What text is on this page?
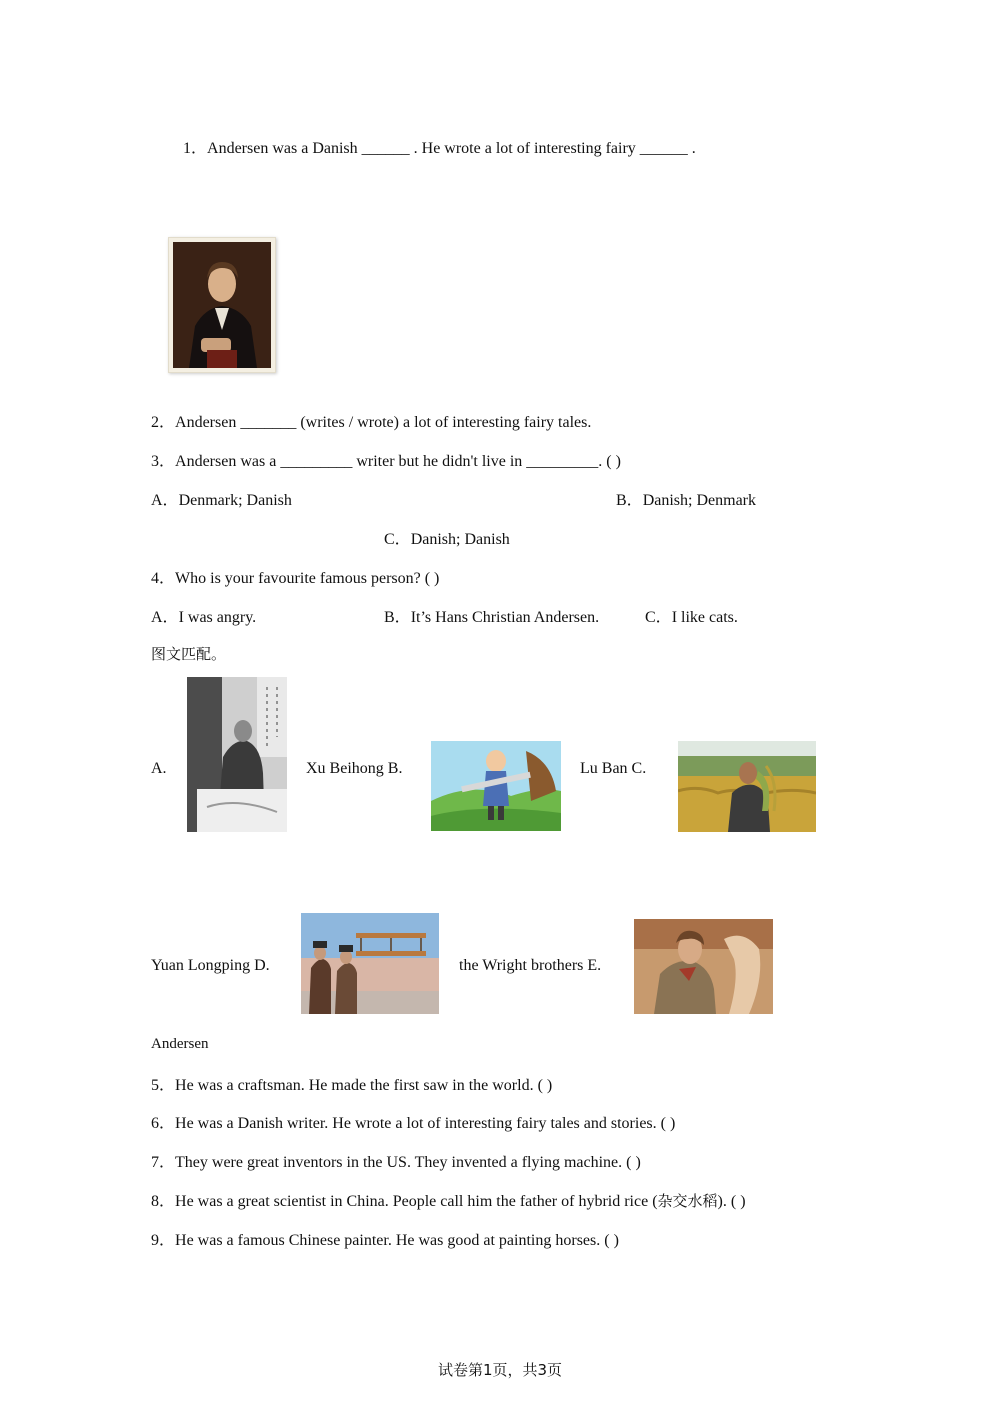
1．Andersen was a Danish ______ . He wrote a lot of interesting fairy ______ .
2．Andersen _______ (writes / wrote) a lot of interesting fairy tales.
3．Andersen was a _________ writer but he didn't live in _________. ( )
A．Denmark; Danish	B．Danish; Denmark
C．Danish; Danish
4．Who is your favourite famous person? ( )
A．I was angry.	B．It’s Hans Christian Andersen.	C．I like cats.
图文匹配。
A.	Xu Beihong B.	Lu Ban C.
Yuan Longping D.	the Wright brothers E.
Andersen
5．He was a craftsman. He made the first saw in the world. ( )
6．He was a Danish writer. He wrote a lot of interesting fairy tales and stories. ( )
7．They were great inventors in the US. They invented a flying machine. ( )
8．He was a great scientist in China. People call him the father of hybrid rice (杂交水稻). ( )
9．He was a famous Chinese painter. He was good at painting horses. ( )
试卷第1页，共3页
